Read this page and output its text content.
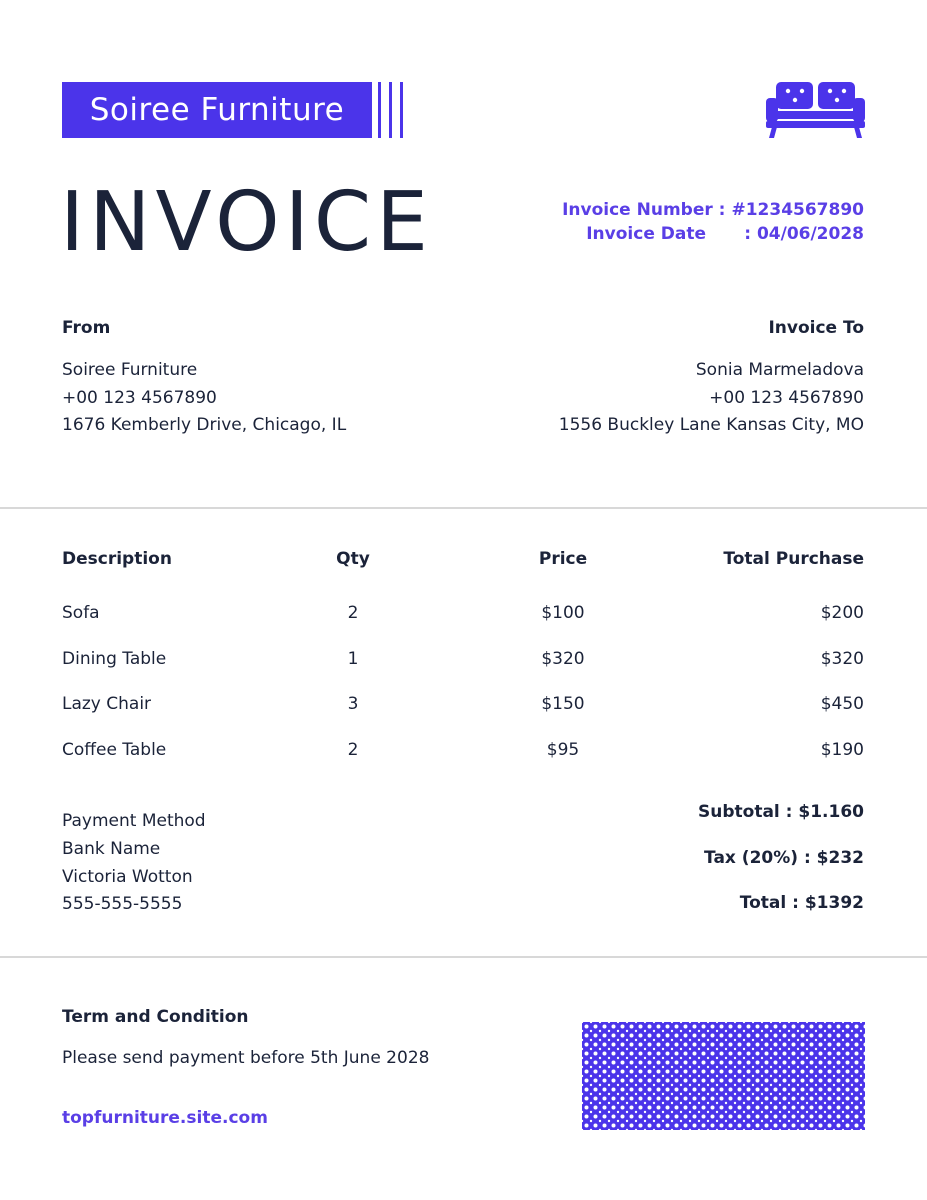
Soiree Furniture
INVOICE	Invoice Number : #1234567890
Invoice Date	: 04/06/2028
From
Soiree Furniture
+00 123 4567890
1676 Kemberly Drive, Chicago, IL
Invoice To
Sonia Marmeladova
+00 123 4567890
1556 Buckley Lane Kansas City, MO
Description	Qty	Price	Total Purchase
Sofa	2	$100	$200
Dining Table	1	$320	$320
Lazy Chair	3	$150	$450
Coffee Table	2	$95	$190
Payment Method
Bank Name
Victoria Wotton
555-555-5555
Subtotal : $1.160
Tax (20%) : $232
Total : $1392
Term and Condition
Please send payment before 5th June 2028
topfurniture.site.com
